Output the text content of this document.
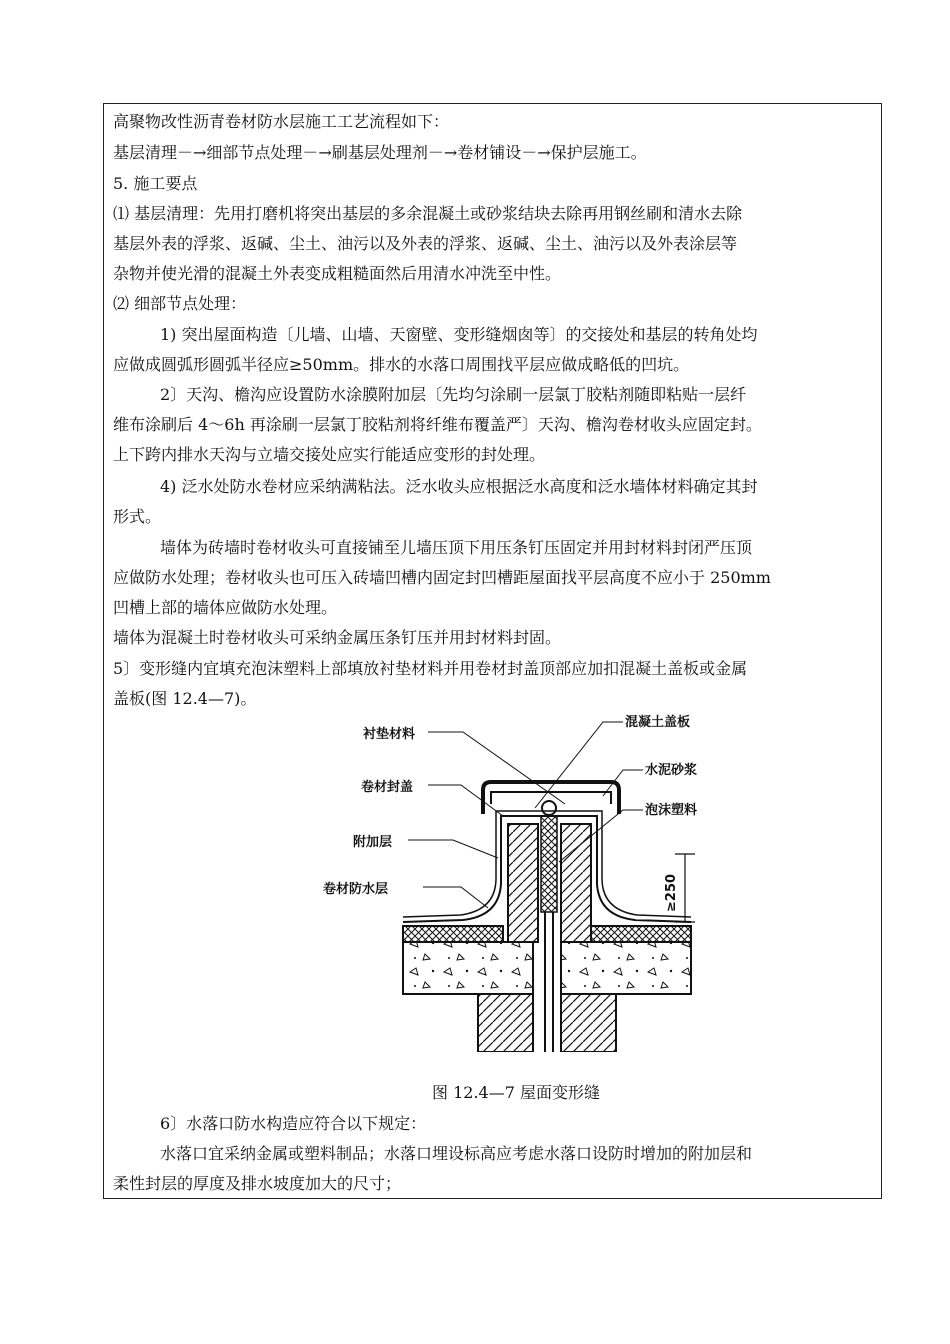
高聚物改性沥青卷材防水层施工工艺流程如下：
基层清理－→细部节点处理－→刷基层处理剂－→卷材铺设－→保护层施工。
5. 施工要点
⑴ 基层清理：先用打磨机将突出基层的多余混凝土或砂浆结块去除再用钢丝刷和清水去除
基层外表的浮浆、返碱、尘土、油污以及外表的浮浆、返碱、尘土、油污以及外表涂层等
杂物并使光滑的混凝土外表变成粗糙面然后用清水冲洗至中性。
⑵ 细部节点处理：
1) 突出屋面构造〔儿墙、山墙、天窗壁、变形缝烟囱等〕的交接处和基层的转角处均
应做成圆弧形圆弧半径应≥50mm。排水的水落口周围找平层应做成略低的凹坑。
2〕天沟、檐沟应设置防水涂膜附加层〔先均匀涂刷一层氯丁胶粘剂随即粘贴一层纤
维布涂刷后 4～6h 再涂刷一层氯丁胶粘剂将纤维布覆盖严〕天沟、檐沟卷材收头应固定封。
上下跨内排水天沟与立墙交接处应实行能适应变形的封处理。
4) 泛水处防水卷材应采纳满粘法。泛水收头应根据泛水高度和泛水墙体材料确定其封
形式。
墙体为砖墙时卷材收头可直接铺至儿墙压顶下用压条钉压固定并用封材料封闭严压顶
应做防水处理；卷材收头也可压入砖墙凹槽内固定封凹槽距屋面找平层高度不应小于 250mm
凹槽上部的墙体应做防水处理。
墙体为混凝土时卷材收头可采纳金属压条钉压并用封材料封固。
5〕变形缝内宜填充泡沫塑料上部填放衬垫材料并用卷材封盖顶部应加扣混凝土盖板或金属
盖板(图 12.4—7)。
衬垫材料
卷材封盖
附加层
卷材防水层
混凝土盖板
水泥砂浆
泡沫塑料
≥250
图 12.4—7 屋面变形缝
6〕水落口防水构造应符合以下规定：
水落口宜采纳金属或塑料制品；水落口埋设标高应考虑水落口设防时增加的附加层和
柔性封层的厚度及排水坡度加大的尺寸；
